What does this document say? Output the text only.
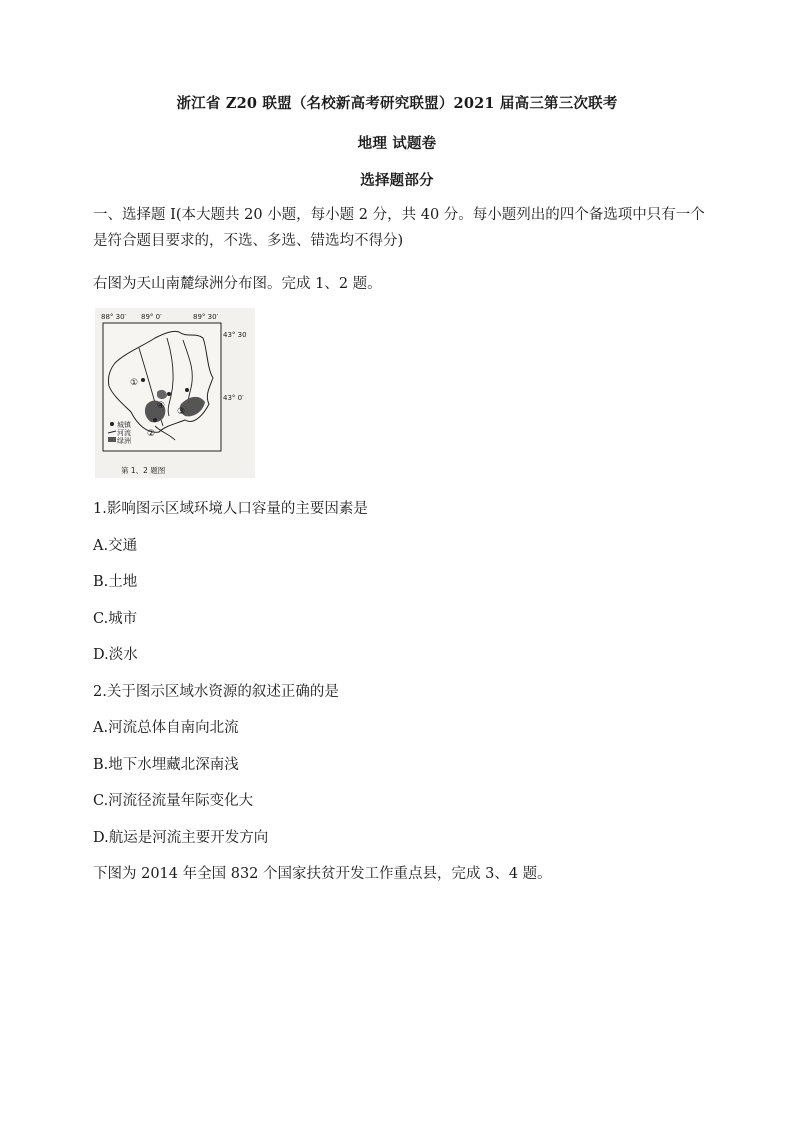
浙江省 Z20 联盟（名校新高考研究联盟）2021 届高三第三次联考
地理 试题卷
选择题部分
一、选择题 I(本大题共 20 小题，每小题 2 分，共 40 分。每小题列出的四个备选项中只有一个是符合题目要求的，不选、多选、错选均不得分)
右图为天山南麓绿洲分布图。完成 1、2 题。
88° 30′ 89° 0′	89° 30′
43° 30
43° 0′
①
②
③
④
城镇
河流
绿洲
第 1、2 题图
1.影响图示区域环境人口容量的主要因素是
A.交通
B.土地
C.城市
D.淡水
2.关于图示区域水资源的叙述正确的是
A.河流总体自南向北流
B.地下水埋藏北深南浅
C.河流径流量年际变化大
D.航运是河流主要开发方向
下图为 2014 年全国 832 个国家扶贫开发工作重点县，完成 3、4 题。
